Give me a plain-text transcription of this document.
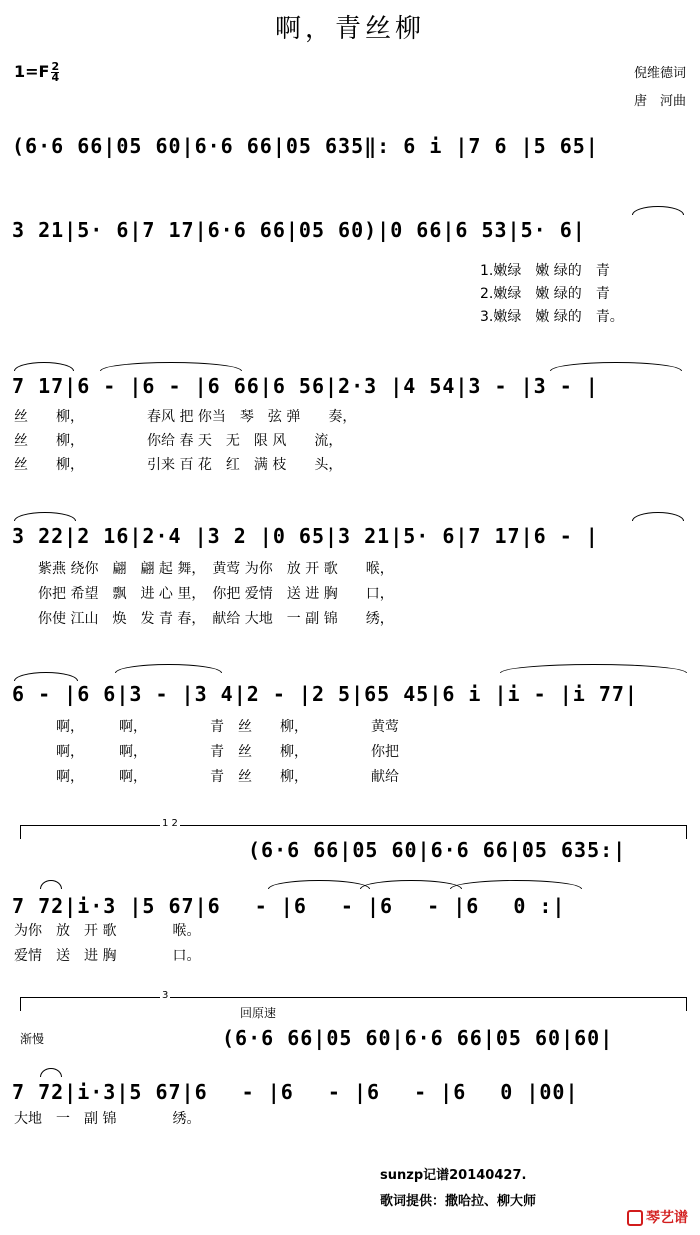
啊，青丝柳
$1=F \frac{2}{4}$	倪维德词
唐　河曲
(6·6 66|05 60|6·6 66|05 635‖: 6 i |7 6 |5 65|
3 21|5· 6|7 17|6·6 66|05 60)|0 66|6 53|5· 6|
1.嫩绿　嫩 绿的　青
2.嫩绿　嫩 绿的　青
3.嫩绿　嫩 绿的　青。
7 17|6 - |6 - |6 66|6 56|2·3 |4 54|3 - |3 - |
丝　　柳，　　　　　春风 把 你当　琴　弦 弹　　奏，
丝　　柳，　　　　　你给 春 天　无　限 风　　流，
丝　　柳，　　　　　引来 百 花　红　满 枝　　头，
3 22|2 16|2·4 |3 2 |0 65|3 21|5· 6|7 17|6 - |
紫燕 绕你　翩　翩 起 舞，　黄莺 为你　放 开 歌　　喉，
你把 希望　飘　进 心 里，　你把 爱情　送 进 胸　　口，
你使 江山　焕　发 青 春，　献给 大地　一 副 锦　　绣，
6 - |6 6|3 - |3 4|2 - |2 5|65 45|6 i |i - |i 77|
　　　啊，　　　啊，　　　　　青　丝　　柳，　　　　　黄莺
　　　啊，　　　啊，　　　　　青　丝　　柳，　　　　　你把
　　　啊，　　　啊，　　　　　青　丝　　柳，　　　　　献给
1 2
(6·6 66|05 60|6·6 66|05 635:|
7 72|i·3 |5 67|6　 - |6　 - |6　 - |6　 0 :|
为你　放　开 歌　　　　喉。
爱情　送　进 胸　　　　口。
3
回原速
渐慢	(6·6 66|05 60|6·6 66|05 60|60|
7 72|i·3|5 67|6　 - |6　 - |6　 - |6　 0 |00|
大地　一　副 锦　　　　绣。
sunzp记谱20140427.
歌词提供：撒哈拉、柳大师
琴艺谱
